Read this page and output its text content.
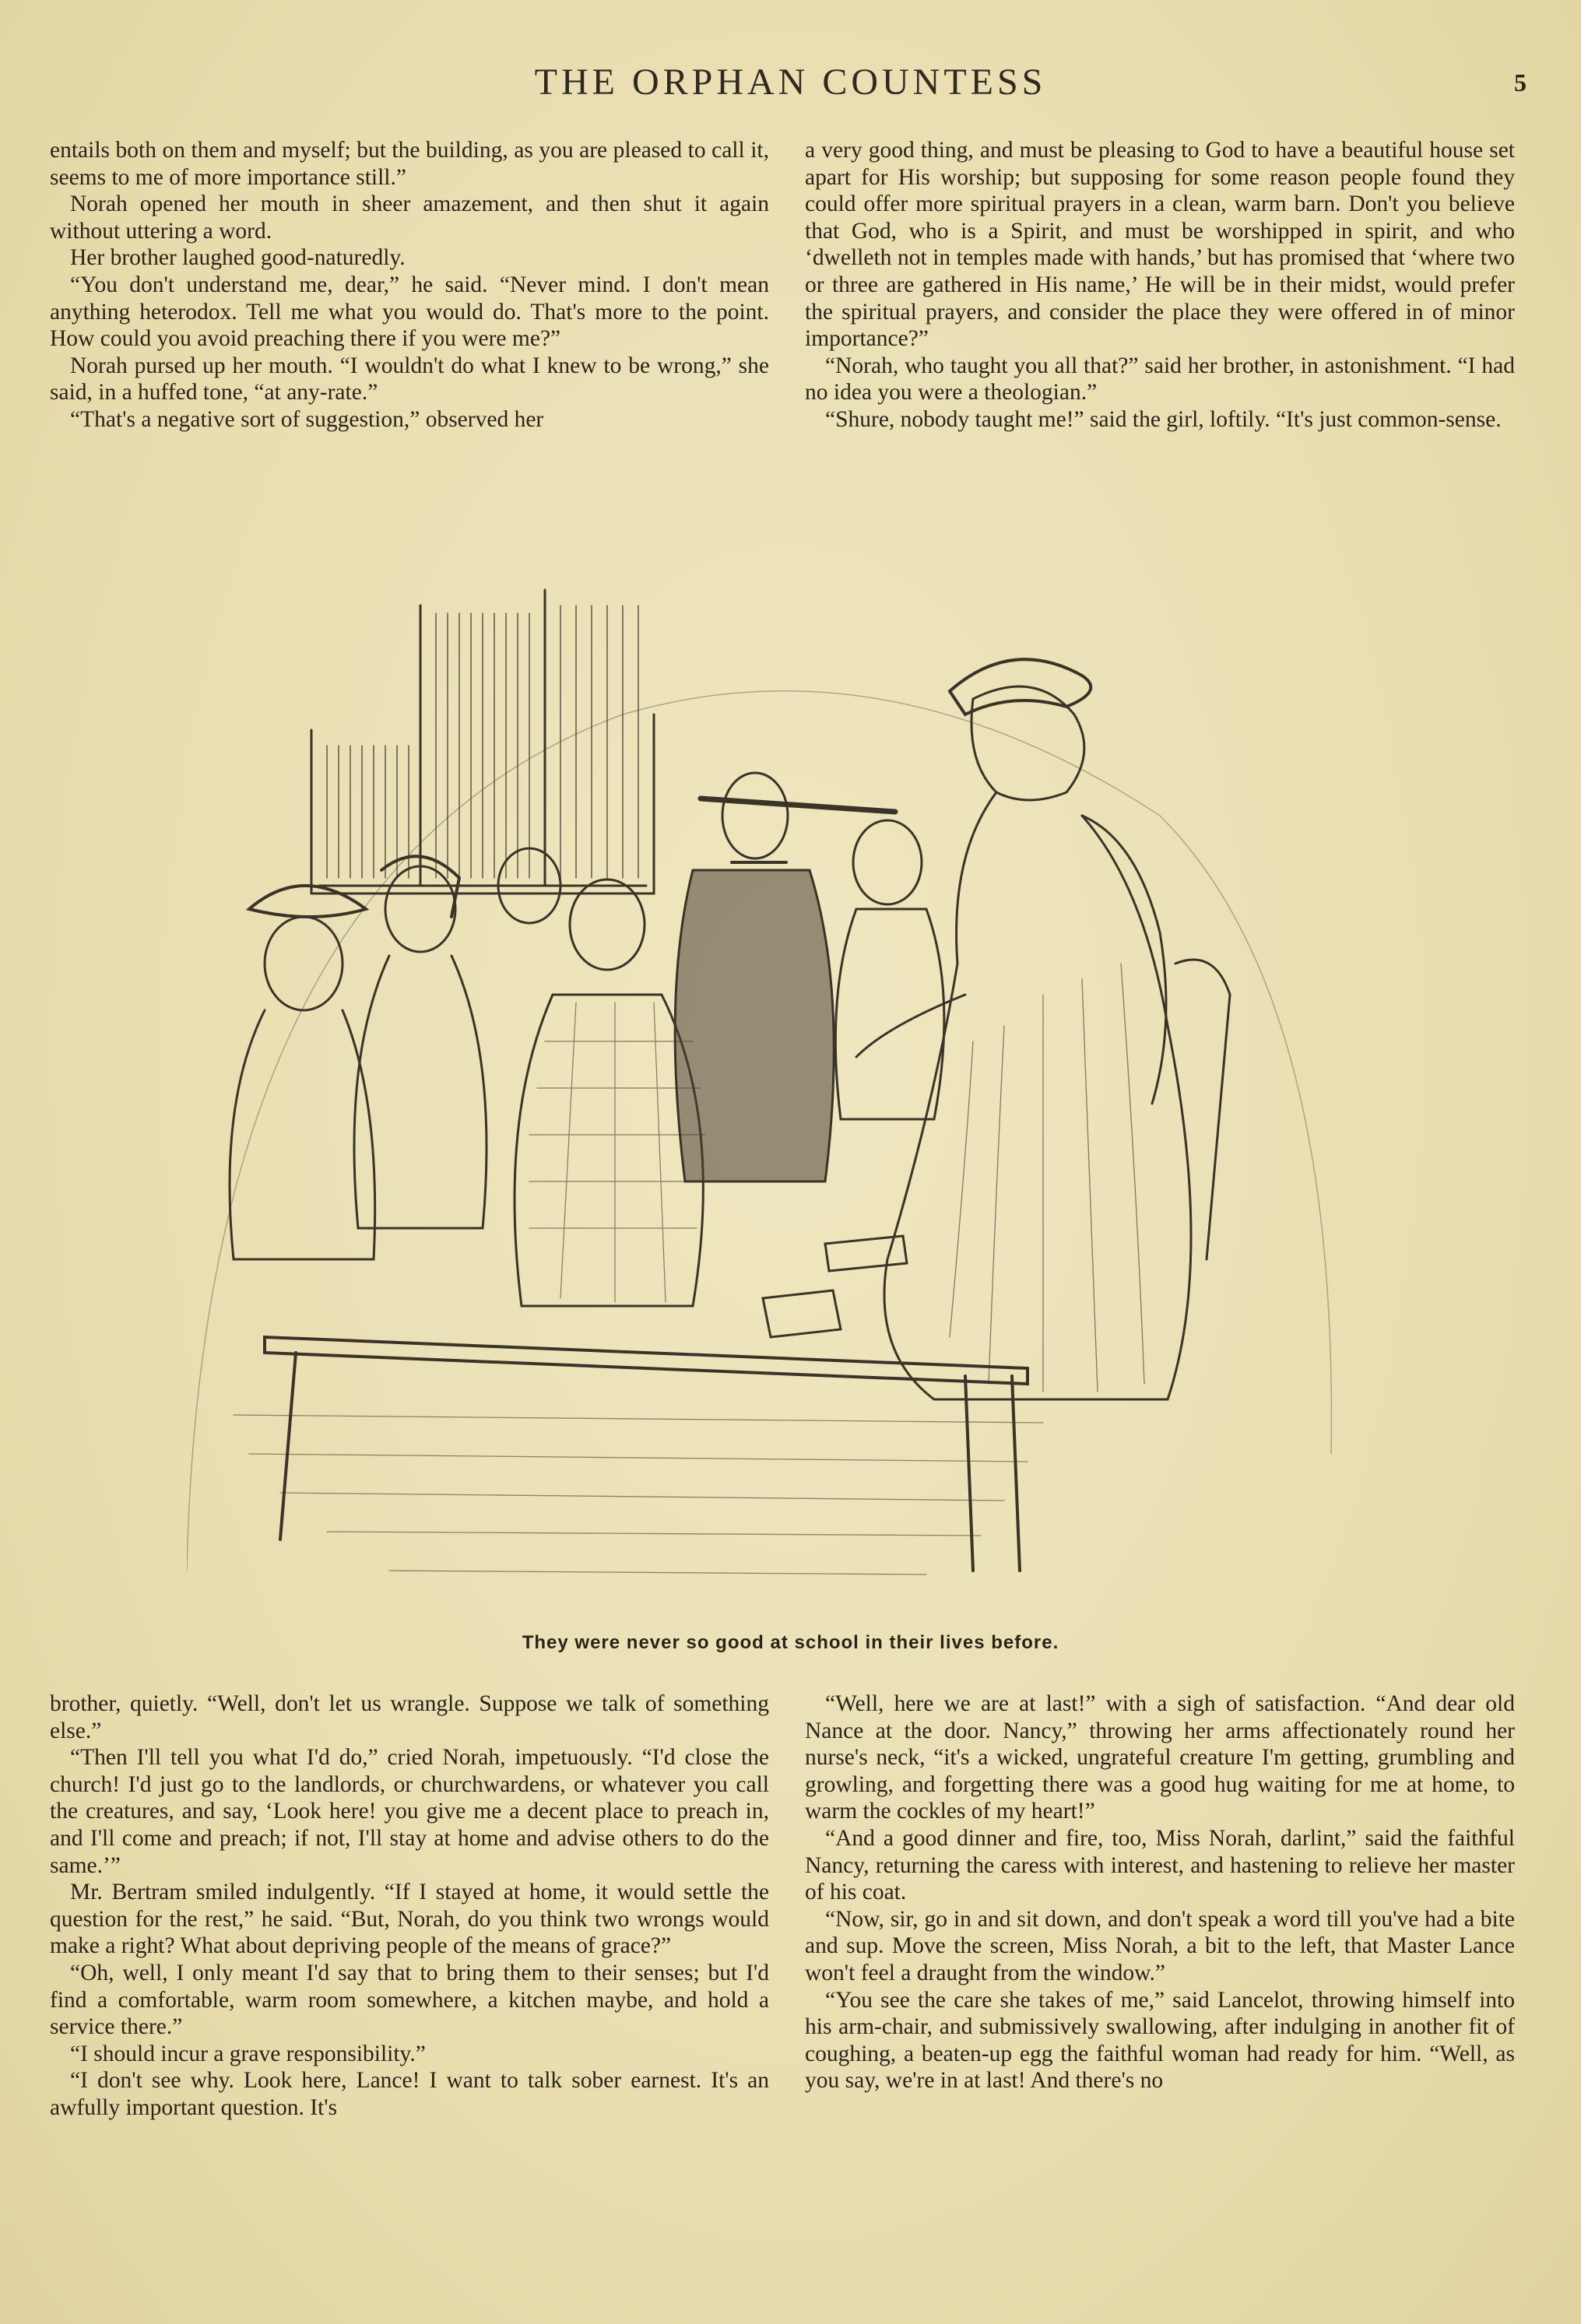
THE ORPHAN COUNTESS	5

entails both on them and myself; but the building, as you are pleased to call it, seems to me of more importance still.”

Norah opened her mouth in sheer amazement, and then shut it again without uttering a word.

Her brother laughed good-naturedly.

“You don't understand me, dear,” he said. “Never mind. I don't mean anything heterodox. Tell me what you would do. That's more to the point. How could you avoid preaching there if you were me?”

Norah pursed up her mouth. “I wouldn't do what I knew to be wrong,” she said, in a huffed tone, “at any-rate.”

“That's a negative sort of suggestion,” observed her

a very good thing, and must be pleasing to God to have a beautiful house set apart for His worship; but supposing for some reason people found they could offer more spiritual prayers in a clean, warm barn. Don't you believe that God, who is a Spirit, and must be worshipped in spirit, and who ‘dwelleth not in temples made with hands,’ but has promised that ‘where two or three are gathered in His name,’ He will be in their midst, would prefer the spiritual prayers, and consider the place they were offered in of minor importance?”

“Norah, who taught you all that?” said her brother, in astonishment. “I had no idea you were a theologian.”

“Shure, nobody taught me!” said the girl, loftily. “It's just common-sense.

They were never so good at school in their lives before.

brother, quietly. “Well, don't let us wrangle. Suppose we talk of something else.”

“Then I'll tell you what I'd do,” cried Norah, impetuously. “I'd close the church! I'd just go to the landlords, or churchwardens, or whatever you call the creatures, and say, ‘Look here! you give me a decent place to preach in, and I'll come and preach; if not, I'll stay at home and advise others to do the same.’”

Mr. Bertram smiled indulgently. “If I stayed at home, it would settle the question for the rest,” he said. “But, Norah, do you think two wrongs would make a right? What about depriving people of the means of grace?”

“Oh, well, I only meant I'd say that to bring them to their senses; but I'd find a comfortable, warm room somewhere, a kitchen maybe, and hold a service there.”

“I should incur a grave responsibility.”

“I don't see why. Look here, Lance! I want to talk sober earnest. It's an awfully important question. It's

“Well, here we are at last!” with a sigh of satisfaction. “And dear old Nance at the door. Nancy,” throwing her arms affectionately round her nurse's neck, “it's a wicked, ungrateful creature I'm getting, grumbling and growling, and forgetting there was a good hug waiting for me at home, to warm the cockles of my heart!”

“And a good dinner and fire, too, Miss Norah, darlint,” said the faithful Nancy, returning the caress with interest, and hastening to relieve her master of his coat.

“Now, sir, go in and sit down, and don't speak a word till you've had a bite and sup. Move the screen, Miss Norah, a bit to the left, that Master Lance won't feel a draught from the window.”

“You see the care she takes of me,” said Lancelot, throwing himself into his arm-chair, and submissively swallowing, after indulging in another fit of coughing, a beaten-up egg the faithful woman had ready for him. “Well, as you say, we're in at last! And there's no
